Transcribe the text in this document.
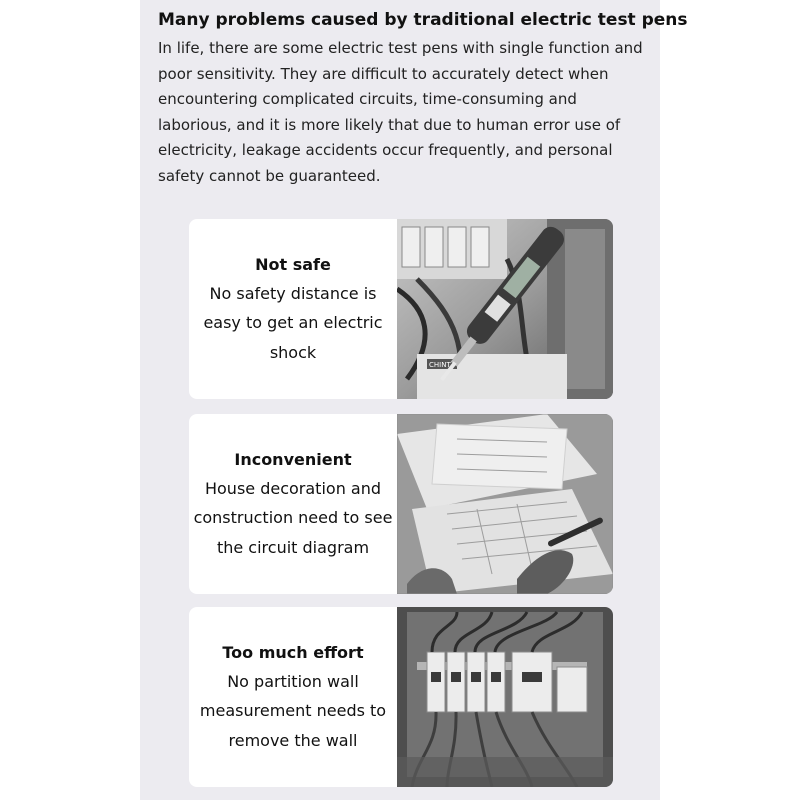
Many problems caused by traditional electric test pens

In life, there are some electric test pens with single function and poor sensitivity. They are difficult to accurately detect when encountering complicated circuits, time-consuming and laborious, and it is more likely that due to human error use of electricity, leakage accidents occur frequently, and personal safety cannot be guaranteed.

Not safe
No safety distance is easy to get an electric shock
CHINT
Inconvenient
House decoration and construction need to see the circuit diagram
Too much effort
No partition wall measurement needs to remove the wall
